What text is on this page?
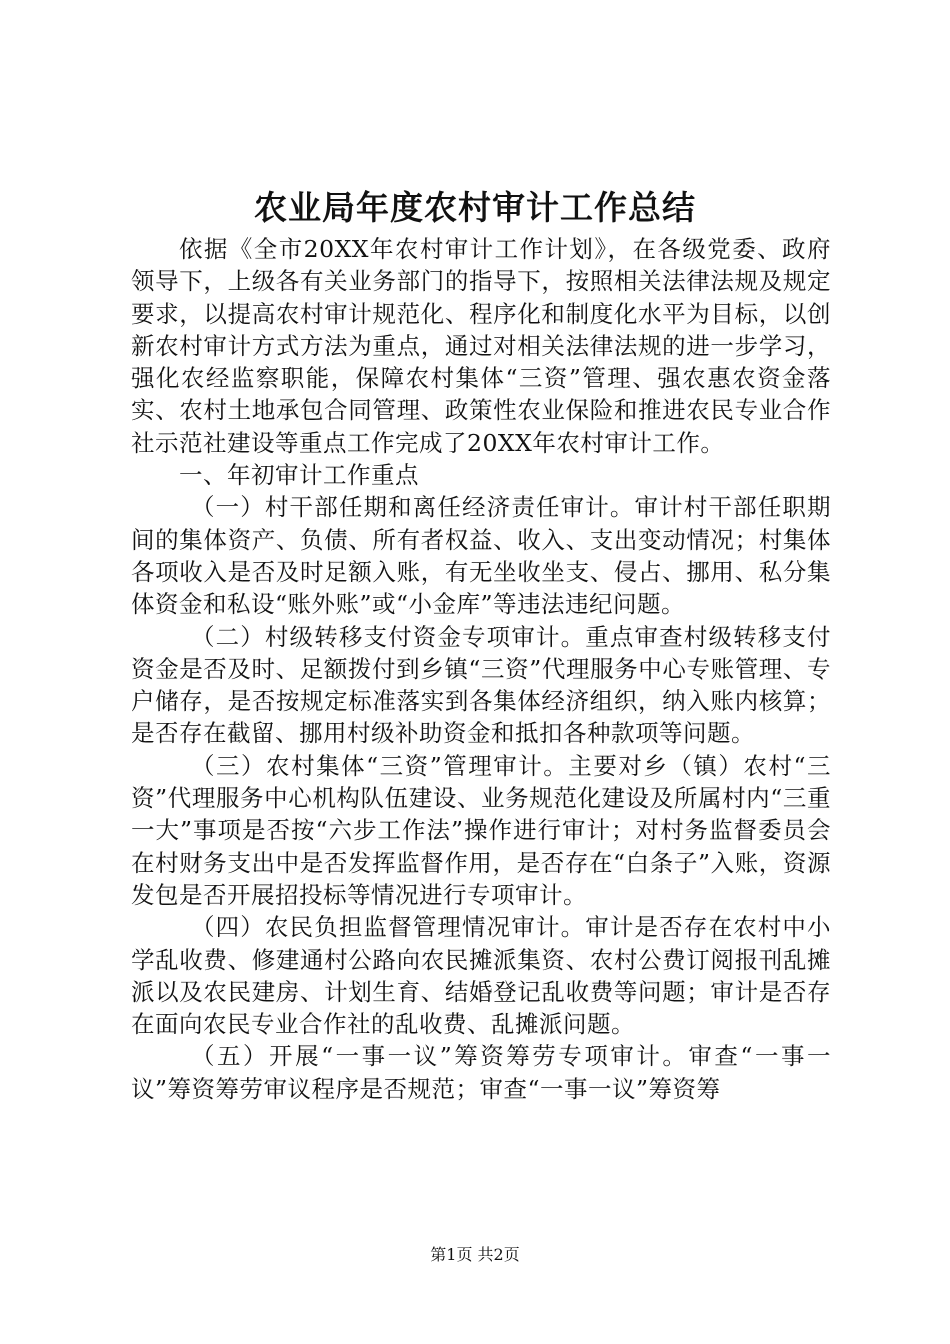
农业局年度农村审计工作总结

依据《全市20XX年农村审计工作计划》，在各级党委、政府领导下，上级各有关业务部门的指导下，按照相关法律法规及规定要求，以提高农村审计规范化、程序化和制度化水平为目标，以创新农村审计方式方法为重点，通过对相关法律法规的进一步学习，强化农经监察职能，保障农村集体“三资”管理、强农惠农资金落实、农村土地承包合同管理、政策性农业保险和推进农民专业合作社示范社建设等重点工作完成了20XX年农村审计工作。

一、年初审计工作重点

（一）村干部任期和离任经济责任审计。审计村干部任职期间的集体资产、负债、所有者权益、收入、支出变动情况；村集体各项收入是否及时足额入账，有无坐收坐支、侵占、挪用、私分集体资金和私设“账外账”或“小金库”等违法违纪问题。

（二）村级转移支付资金专项审计。重点审查村级转移支付资金是否及时、足额拨付到乡镇“三资”代理服务中心专账管理、专户储存，是否按规定标准落实到各集体经济组织，纳入账内核算；是否存在截留、挪用村级补助资金和抵扣各种款项等问题。

（三）农村集体“三资”管理审计。主要对乡（镇）农村“三资”代理服务中心机构队伍建设、业务规范化建设及所属村内“三重一大”事项是否按“六步工作法”操作进行审计；对村务监督委员会在村财务支出中是否发挥监督作用，是否存在“白条子”入账，资源发包是否开展招投标等情况进行专项审计。

（四）农民负担监督管理情况审计。审计是否存在农村中小学乱收费、修建通村公路向农民摊派集资、农村公费订阅报刊乱摊派以及农民建房、计划生育、结婚登记乱收费等问题；审计是否存在面向农民专业合作社的乱收费、乱摊派问题。

（五）开展“一事一议”筹资筹劳专项审计。审查“一事一议”筹资筹劳审议程序是否规范；审查“一事一议”筹资筹

第1页 共2页
